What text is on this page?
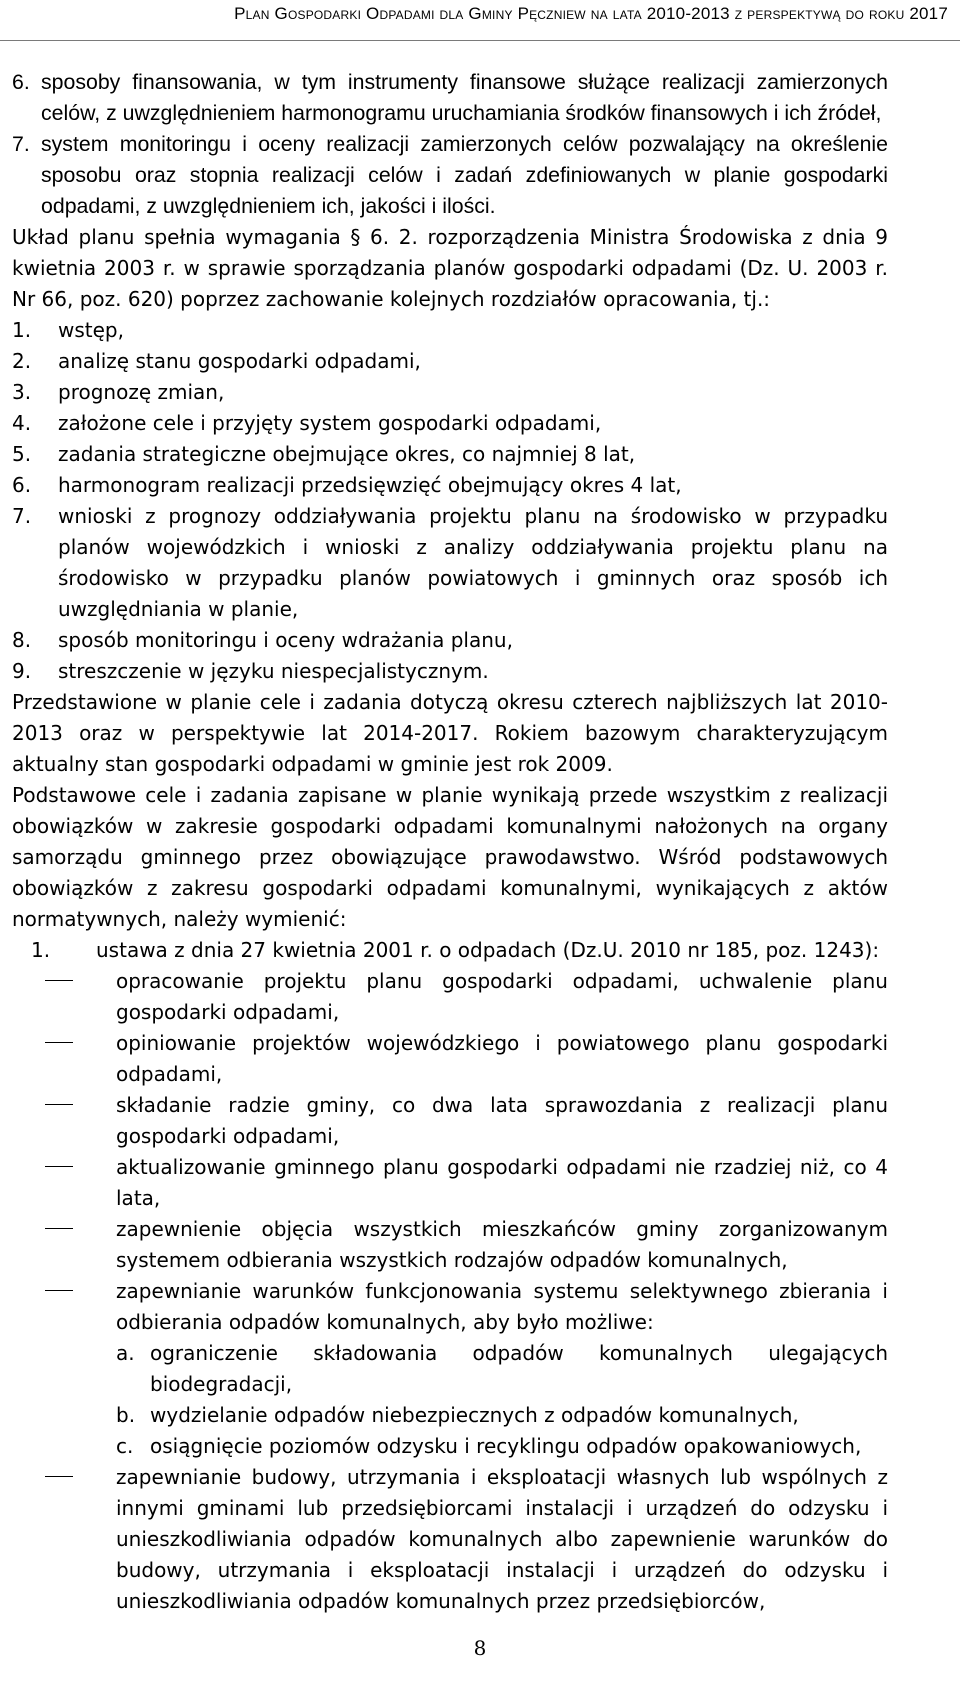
Plan Gospodarki Odpadami dla Gminy Pęczniew na lata 2010-2013 z perspektywą do roku 2017

6. sposoby finansowania, w tym instrumenty finansowe służące realizacji zamierzonych celów, z uwzględnieniem harmonogramu uruchamiania środków finansowych i ich źródeł,
7. system monitoringu i oceny realizacji zamierzonych celów pozwalający na określenie sposobu oraz stopnia realizacji celów i zadań zdefiniowanych w planie gospodarki odpadami, z uwzględnieniem ich, jakości i ilości.

Układ planu spełnia wymagania § 6. 2. rozporządzenia Ministra Środowiska z dnia 9 kwietnia 2003 r. w sprawie sporządzania planów gospodarki odpadami (Dz. U. 2003 r. Nr 66, poz. 620) poprzez zachowanie kolejnych rozdziałów opracowania, tj.:

1.	wstęp,
2.	analizę stanu gospodarki odpadami,
3.	prognozę zmian,
4.	założone cele i przyjęty system gospodarki odpadami,
5.	zadania strategiczne obejmujące okres, co najmniej 8 lat,
6.	harmonogram realizacji przedsięwzięć obejmujący okres 4 lat,
7.	wnioski z prognozy oddziaływania projektu planu na środowisko w przypadku planów wojewódzkich i wnioski z analizy oddziaływania projektu planu na środowisko w przypadku planów powiatowych i gminnych oraz sposób ich uwzględniania w planie,
8.	sposób monitoringu i oceny wdrażania planu,
9.	streszczenie w języku niespecjalistycznym.

Przedstawione w planie cele i zadania dotyczą okresu czterech najbliższych lat 2010-2013 oraz w perspektywie lat 2014-2017. Rokiem bazowym charakteryzującym aktualny stan gospodarki odpadami w gminie jest rok 2009.

Podstawowe cele i zadania zapisane w planie wynikają przede wszystkim z realizacji obowiązków w zakresie gospodarki odpadami komunalnymi nałożonych na organy samorządu gminnego przez obowiązujące prawodawstwo. Wśród podstawowych obowiązków z zakresu gospodarki odpadami komunalnymi, wynikających z aktów normatywnych, należy wymienić:

1.	ustawa z dnia 27 kwietnia 2001 r. o odpadach (Dz.U. 2010 nr 185, poz. 1243):
opracowanie projektu planu gospodarki odpadami, uchwalenie planu gospodarki odpadami,
opiniowanie projektów wojewódzkiego i powiatowego planu gospodarki odpadami,
składanie radzie gminy, co dwa lata sprawozdania z realizacji planu gospodarki odpadami,
aktualizowanie gminnego planu gospodarki odpadami nie rzadziej niż, co 4 lata,
zapewnienie objęcia wszystkich mieszkańców gminy zorganizowanym systemem odbierania wszystkich rodzajów odpadów komunalnych,
zapewnianie warunków funkcjonowania systemu selektywnego zbierania i odbierania odpadów komunalnych, aby było możliwe:
a. ograniczenie składowania odpadów komunalnych ulegających biodegradacji,
b. wydzielanie odpadów niebezpiecznych z odpadów komunalnych,
c. osiągnięcie poziomów odzysku i recyklingu odpadów opakowaniowych,
zapewnianie budowy, utrzymania i eksploatacji własnych lub wspólnych z innymi gminami lub przedsiębiorcami instalacji i urządzeń do odzysku i unieszkodliwiania odpadów komunalnych albo zapewnienie warunków do budowy, utrzymania i eksploatacji instalacji i urządzeń do odzysku i unieszkodliwiania odpadów komunalnych przez przedsiębiorców,
8
